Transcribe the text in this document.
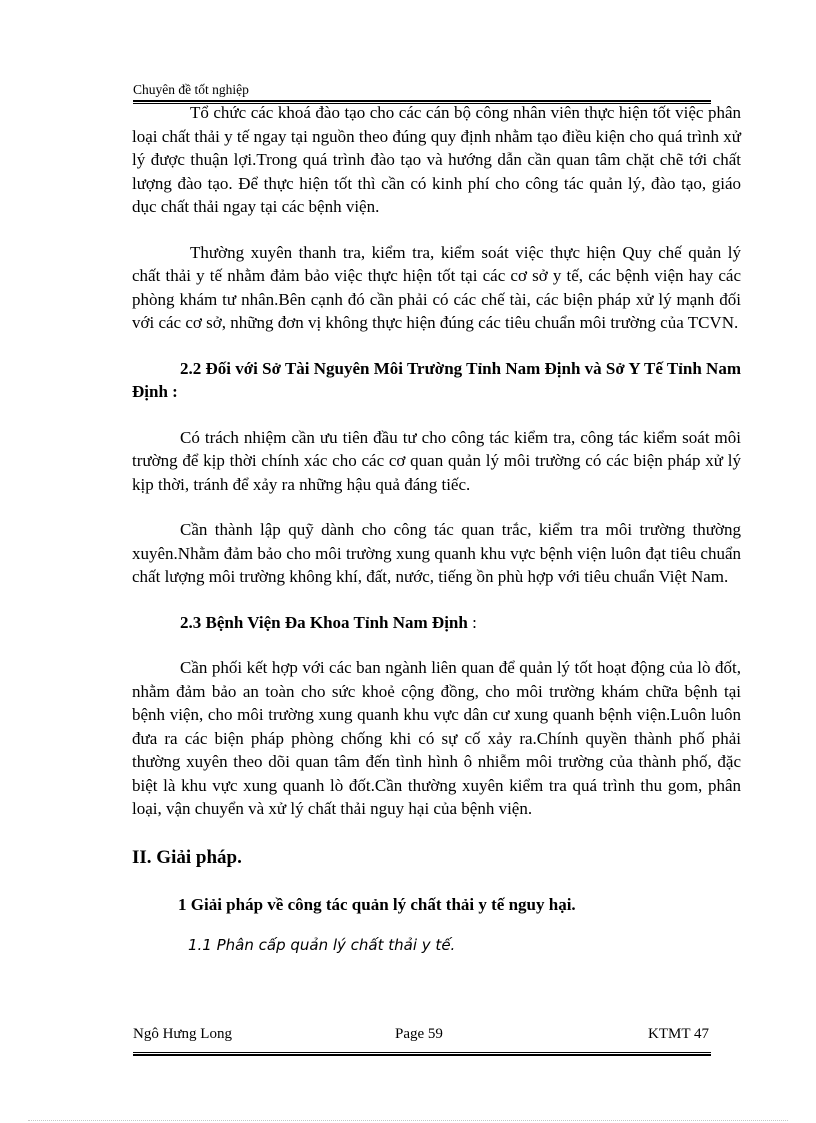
Chuyên đề tốt nghiệp

Tổ chức các khoá đào tạo cho các cán bộ công nhân viên thực hiện tốt việc phân loại chất thải y tế ngay tại nguồn theo đúng quy định nhằm tạo điều kiện cho quá trình xử lý được thuận lợi.Trong quá trình đào tạo và hướng dẫn cần quan tâm chặt chẽ tới chất lượng đào tạo. Để thực hiện tốt thì cần có kinh phí cho công tác quản lý, đào tạo, giáo dục chất thải ngay tại các bệnh viện.

Thường xuyên thanh tra, kiểm tra, kiểm soát việc thực hiện Quy chế quản lý chất thải y tế nhằm đảm bảo việc thực hiện tốt tại các cơ sở y tế, các bệnh viện hay các phòng khám tư nhân.Bên cạnh đó cần phải có các chế tài, các biện pháp xử lý mạnh đối với các cơ sở, những đơn vị không thực hiện đúng các tiêu chuẩn môi trường của TCVN.

2.2 Đối với Sở Tài Nguyên Môi Trường Tỉnh Nam Định và Sở Y Tế Tỉnh Nam Định :

Có trách nhiệm cần ưu tiên đầu tư cho công tác kiểm tra, công tác kiểm soát môi trường để kịp thời chính xác cho các cơ quan quản lý môi trường có các biện pháp xử lý kịp thời, tránh để xảy ra những hậu quả đáng tiếc.

Cần thành lập quỹ dành cho công tác quan trắc, kiểm tra môi trường thường xuyên.Nhằm đảm bảo cho môi trường xung quanh khu vực bệnh viện luôn đạt tiêu chuẩn chất lượng môi trường không khí, đất, nước, tiếng ồn phù hợp với tiêu chuẩn Việt Nam.

2.3 Bệnh Viện Đa Khoa Tỉnh Nam Định :

Cần phối kết hợp với các ban ngành liên quan để quản lý tốt hoạt động của lò đốt, nhằm đảm bảo an toàn cho sức khoẻ cộng đồng, cho môi trường khám chữa bệnh tại bệnh viện, cho môi trường xung quanh khu vực dân cư xung quanh bệnh viện.Luôn luôn đưa ra các biện pháp phòng chống khi có sự cố xảy ra.Chính quyền thành phố phải thường xuyên theo dõi quan tâm đến tình hình ô nhiễm môi trường của thành phố, đặc biệt là khu vực xung quanh lò đốt.Cần thường xuyên kiểm tra quá trình thu gom, phân loại, vận chuyển và xử lý chất thải nguy hại của bệnh viện.

II. Giải pháp.

1 Giải pháp về công tác quản lý chất thải y tế nguy hại.

1.1 Phân cấp quản lý chất thải y tế.

Ngô Hưng Long	Page 59	KTMT 47
